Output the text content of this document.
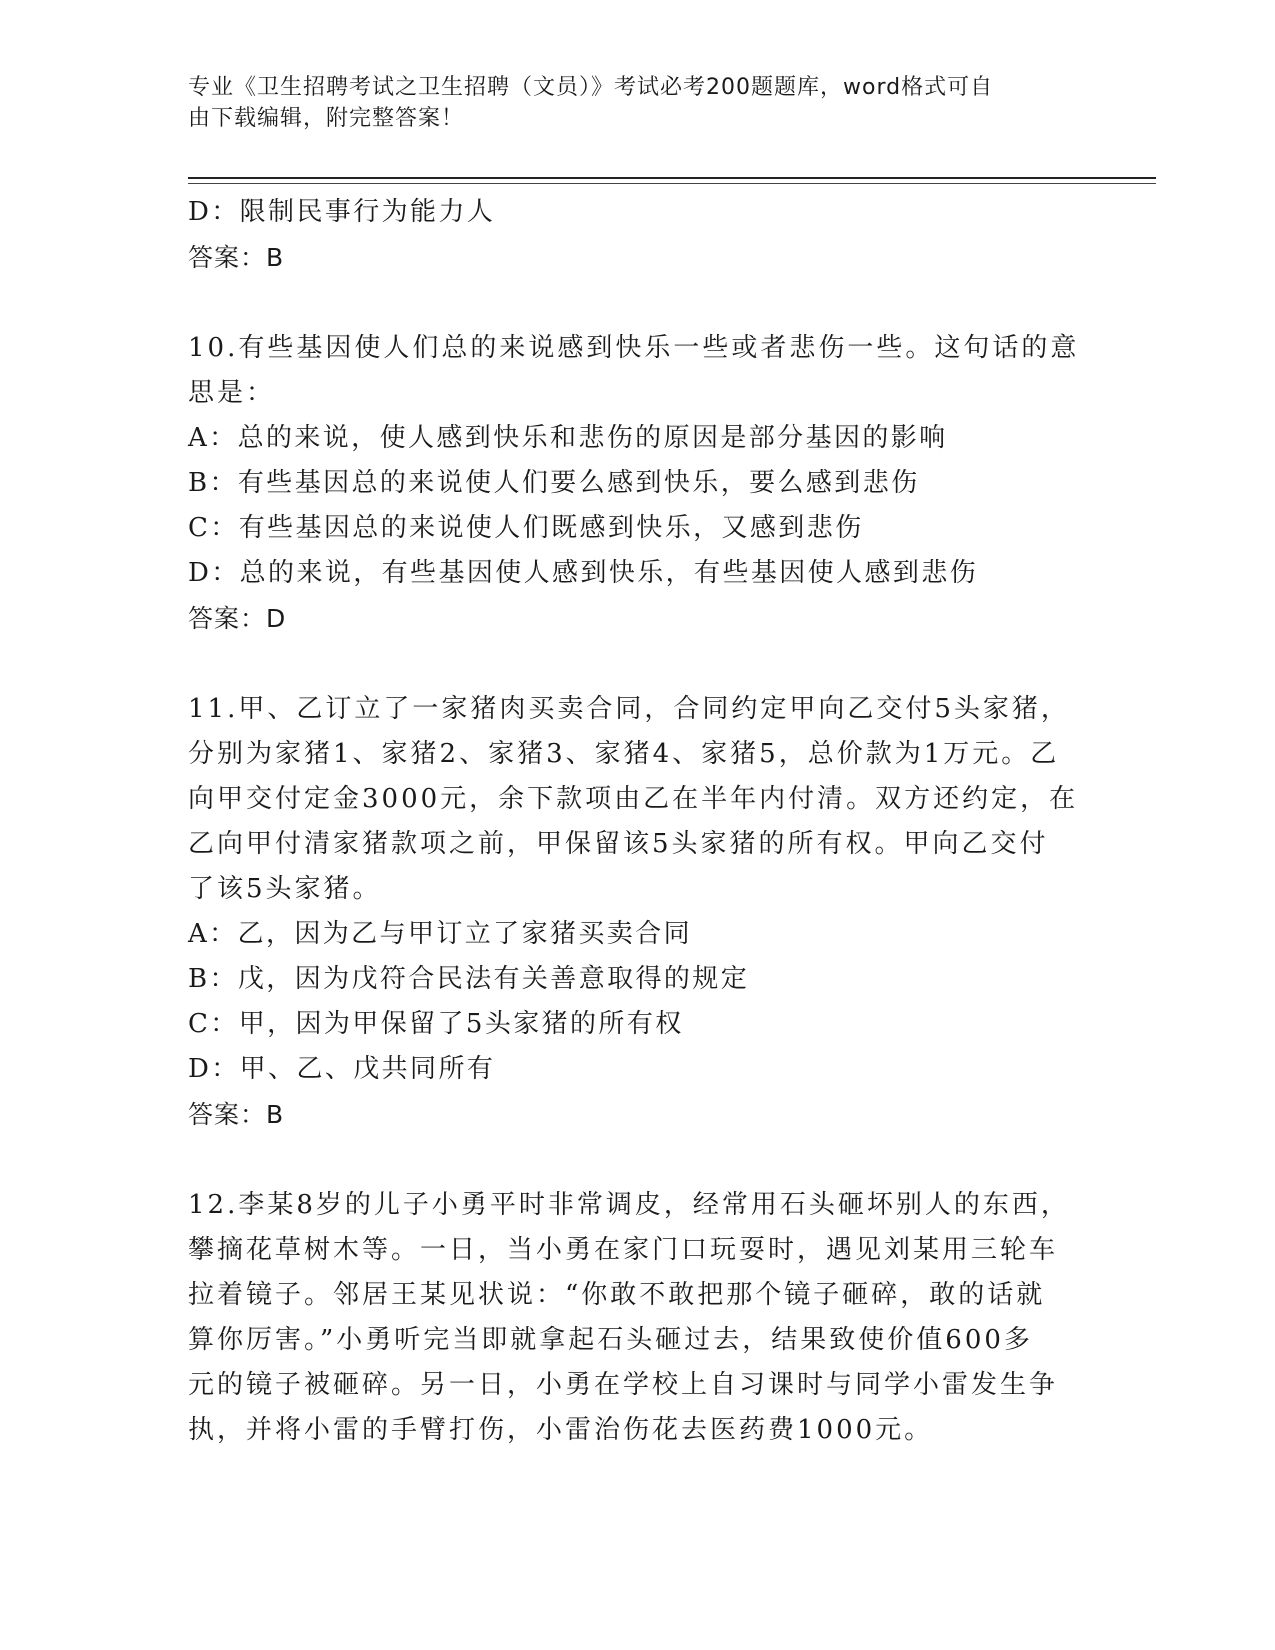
专业《卫生招聘考试之卫生招聘（文员）》考试必考200题题库，word格式可自
由下载编辑，附完整答案！
D：限制民事行为能力人
答案：B
10.有些基因使人们总的来说感到快乐一些或者悲伤一些。这句话的意
思是：
A：总的来说，使人感到快乐和悲伤的原因是部分基因的影响
B：有些基因总的来说使人们要么感到快乐，要么感到悲伤
C：有些基因总的来说使人们既感到快乐，又感到悲伤
D：总的来说，有些基因使人感到快乐，有些基因使人感到悲伤
答案：D
11.甲、乙订立了一家猪肉买卖合同，合同约定甲向乙交付5头家猪，
分别为家猪1、家猪2、家猪3、家猪4、家猪5，总价款为1万元。乙
向甲交付定金3000元，余下款项由乙在半年内付清。双方还约定，在
乙向甲付清家猪款项之前，甲保留该5头家猪的所有权。甲向乙交付
了该5头家猪。
A：乙，因为乙与甲订立了家猪买卖合同
B：戊，因为戊符合民法有关善意取得的规定
C：甲，因为甲保留了5头家猪的所有权
D：甲、乙、戊共同所有
答案：B
12.李某8岁的儿子小勇平时非常调皮，经常用石头砸坏别人的东西，
攀摘花草树木等。一日，当小勇在家门口玩耍时，遇见刘某用三轮车
拉着镜子。邻居王某见状说：“你敢不敢把那个镜子砸碎，敢的话就
算你厉害。”小勇听完当即就拿起石头砸过去，结果致使价值600多
元的镜子被砸碎。另一日，小勇在学校上自习课时与同学小雷发生争
执，并将小雷的手臂打伤，小雷治伤花去医药费1000元。
